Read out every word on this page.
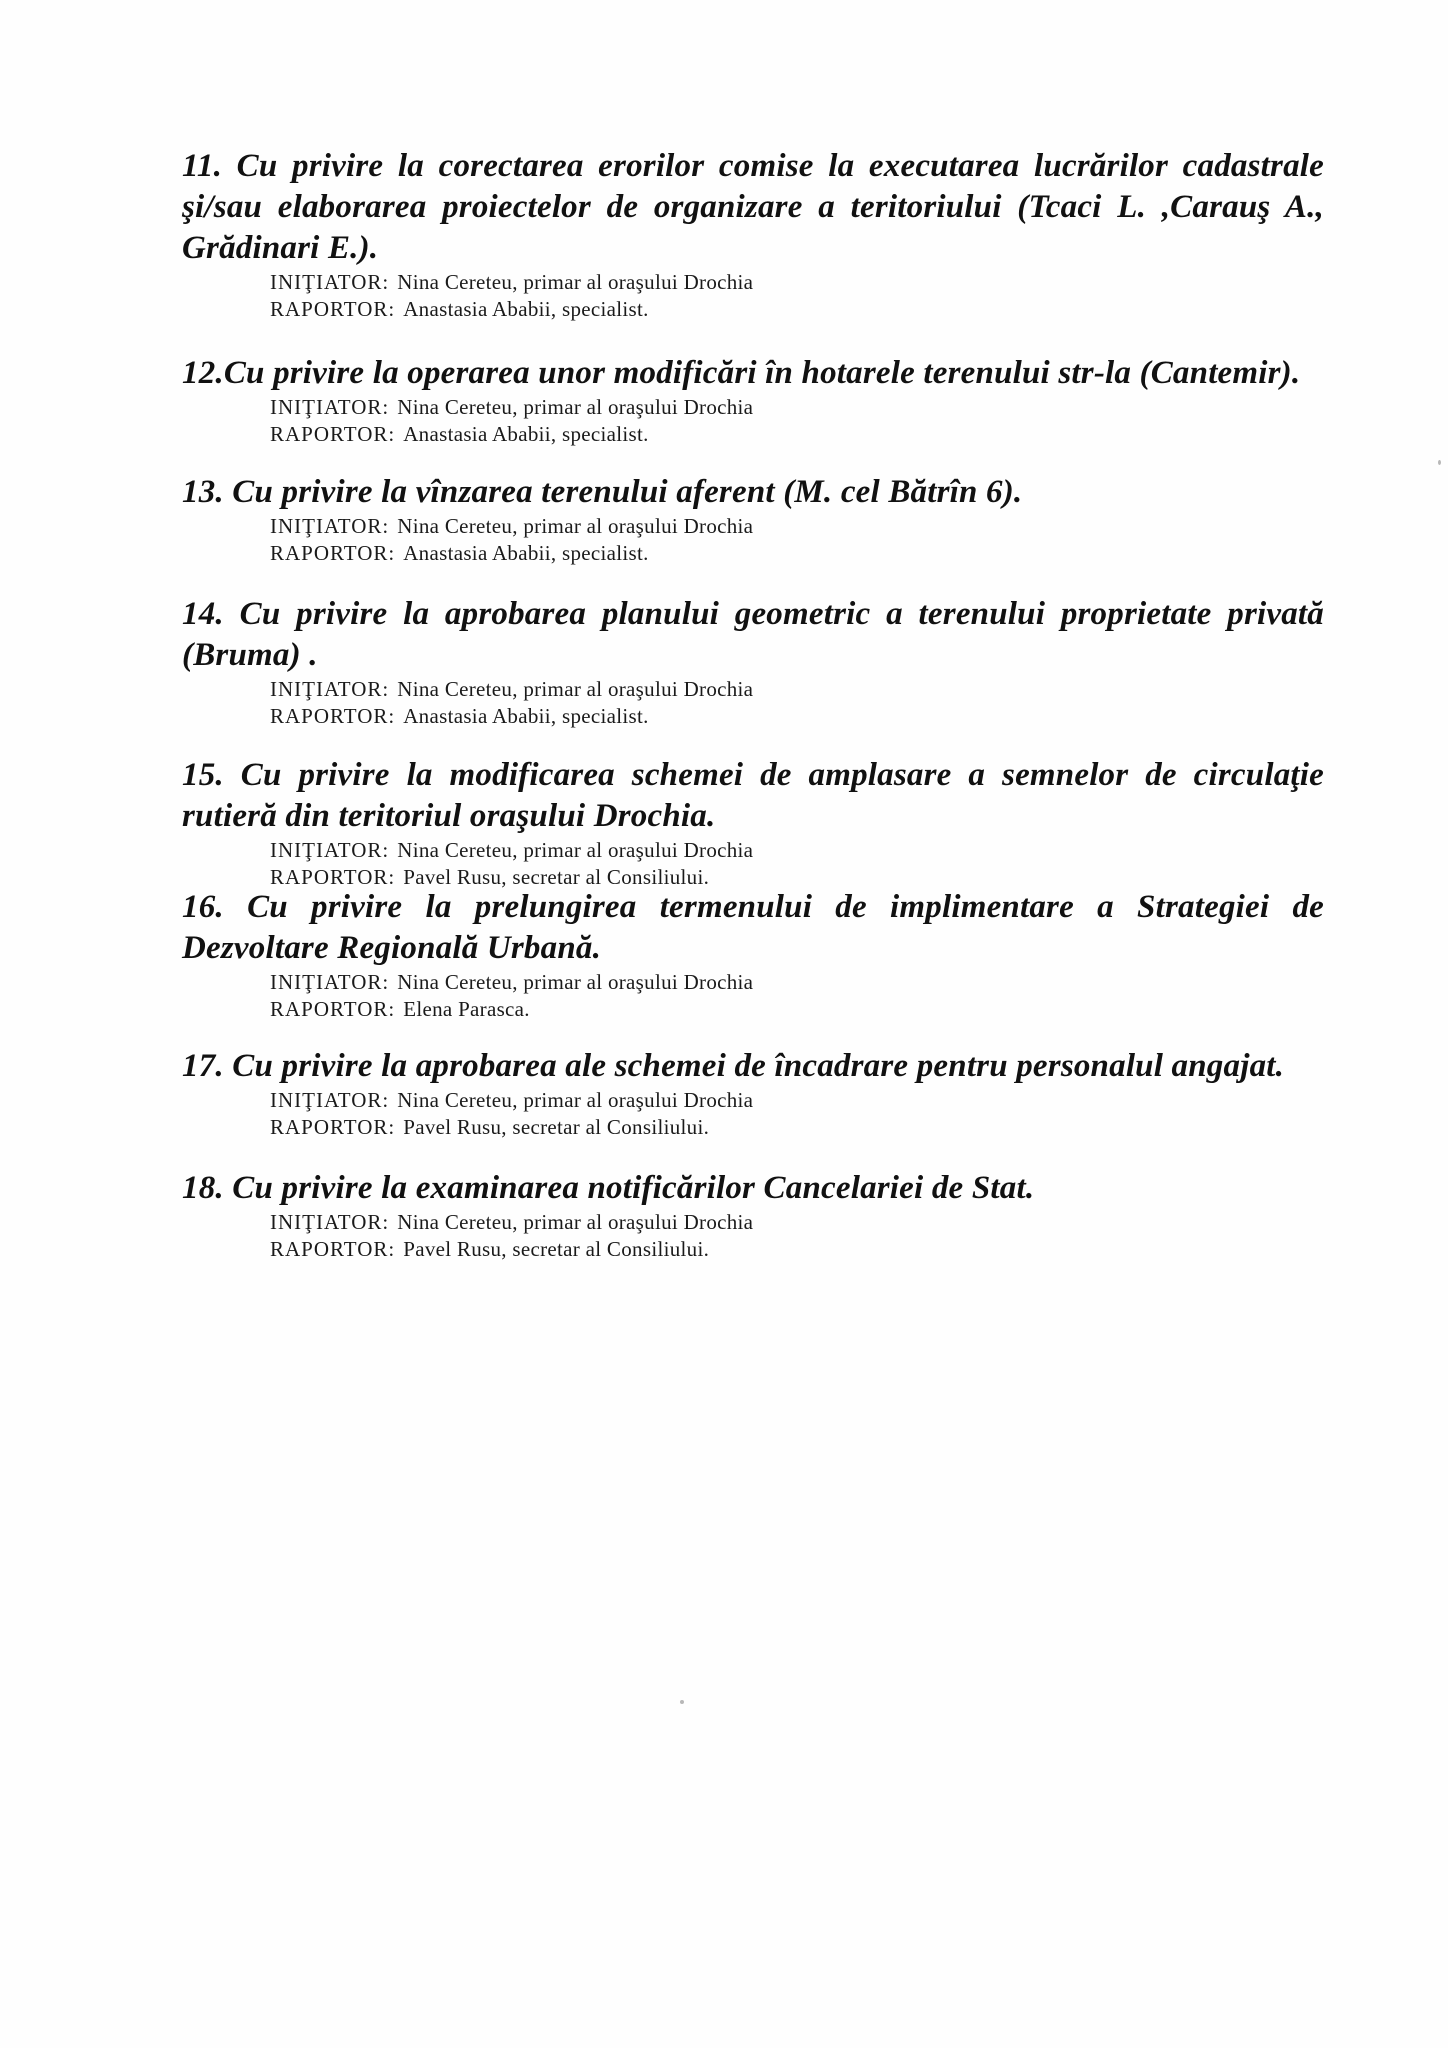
11. Cu privire la corectarea erorilor comise la executarea lucrărilor cadastrale şi/sau elaborarea proiectelor de organizare a teritoriului (Tcaci L. ,Carauş A., Grădinari E.).

INIŢIATOR: Nina Cereteu, primar al oraşului Drochia

RAPORTOR: Anastasia Ababii, specialist.

12.Cu privire la operarea unor modificări în hotarele terenului str-la (Cantemir).

INIŢIATOR: Nina Cereteu, primar al oraşului Drochia

RAPORTOR: Anastasia Ababii, specialist.

13. Cu privire la vînzarea terenului aferent (M. cel Bătrîn 6).

INIŢIATOR: Nina Cereteu, primar al oraşului Drochia

RAPORTOR: Anastasia Ababii, specialist.

14. Cu privire la aprobarea planului geometric a terenului proprietate privată (Bruma) .

INIŢIATOR: Nina Cereteu, primar al oraşului Drochia

RAPORTOR: Anastasia Ababii, specialist.

15. Cu privire la modificarea schemei de amplasare a semnelor de circulaţie rutieră din teritoriul oraşului Drochia.

INIŢIATOR: Nina Cereteu, primar al oraşului Drochia

RAPORTOR: Pavel Rusu, secretar al Consiliului.

16. Cu privire la prelungirea termenului de implimentare a Strategiei de Dezvoltare Regională Urbană.

INIŢIATOR: Nina Cereteu, primar al oraşului Drochia

RAPORTOR: Elena Parasca.

17. Cu privire la aprobarea ale schemei de încadrare pentru personalul angajat.

INIŢIATOR: Nina Cereteu, primar al oraşului Drochia

RAPORTOR: Pavel Rusu, secretar al Consiliului.

18. Cu privire la examinarea notificărilor Cancelariei de Stat.

INIŢIATOR: Nina Cereteu, primar al oraşului Drochia

RAPORTOR: Pavel Rusu, secretar al Consiliului.
